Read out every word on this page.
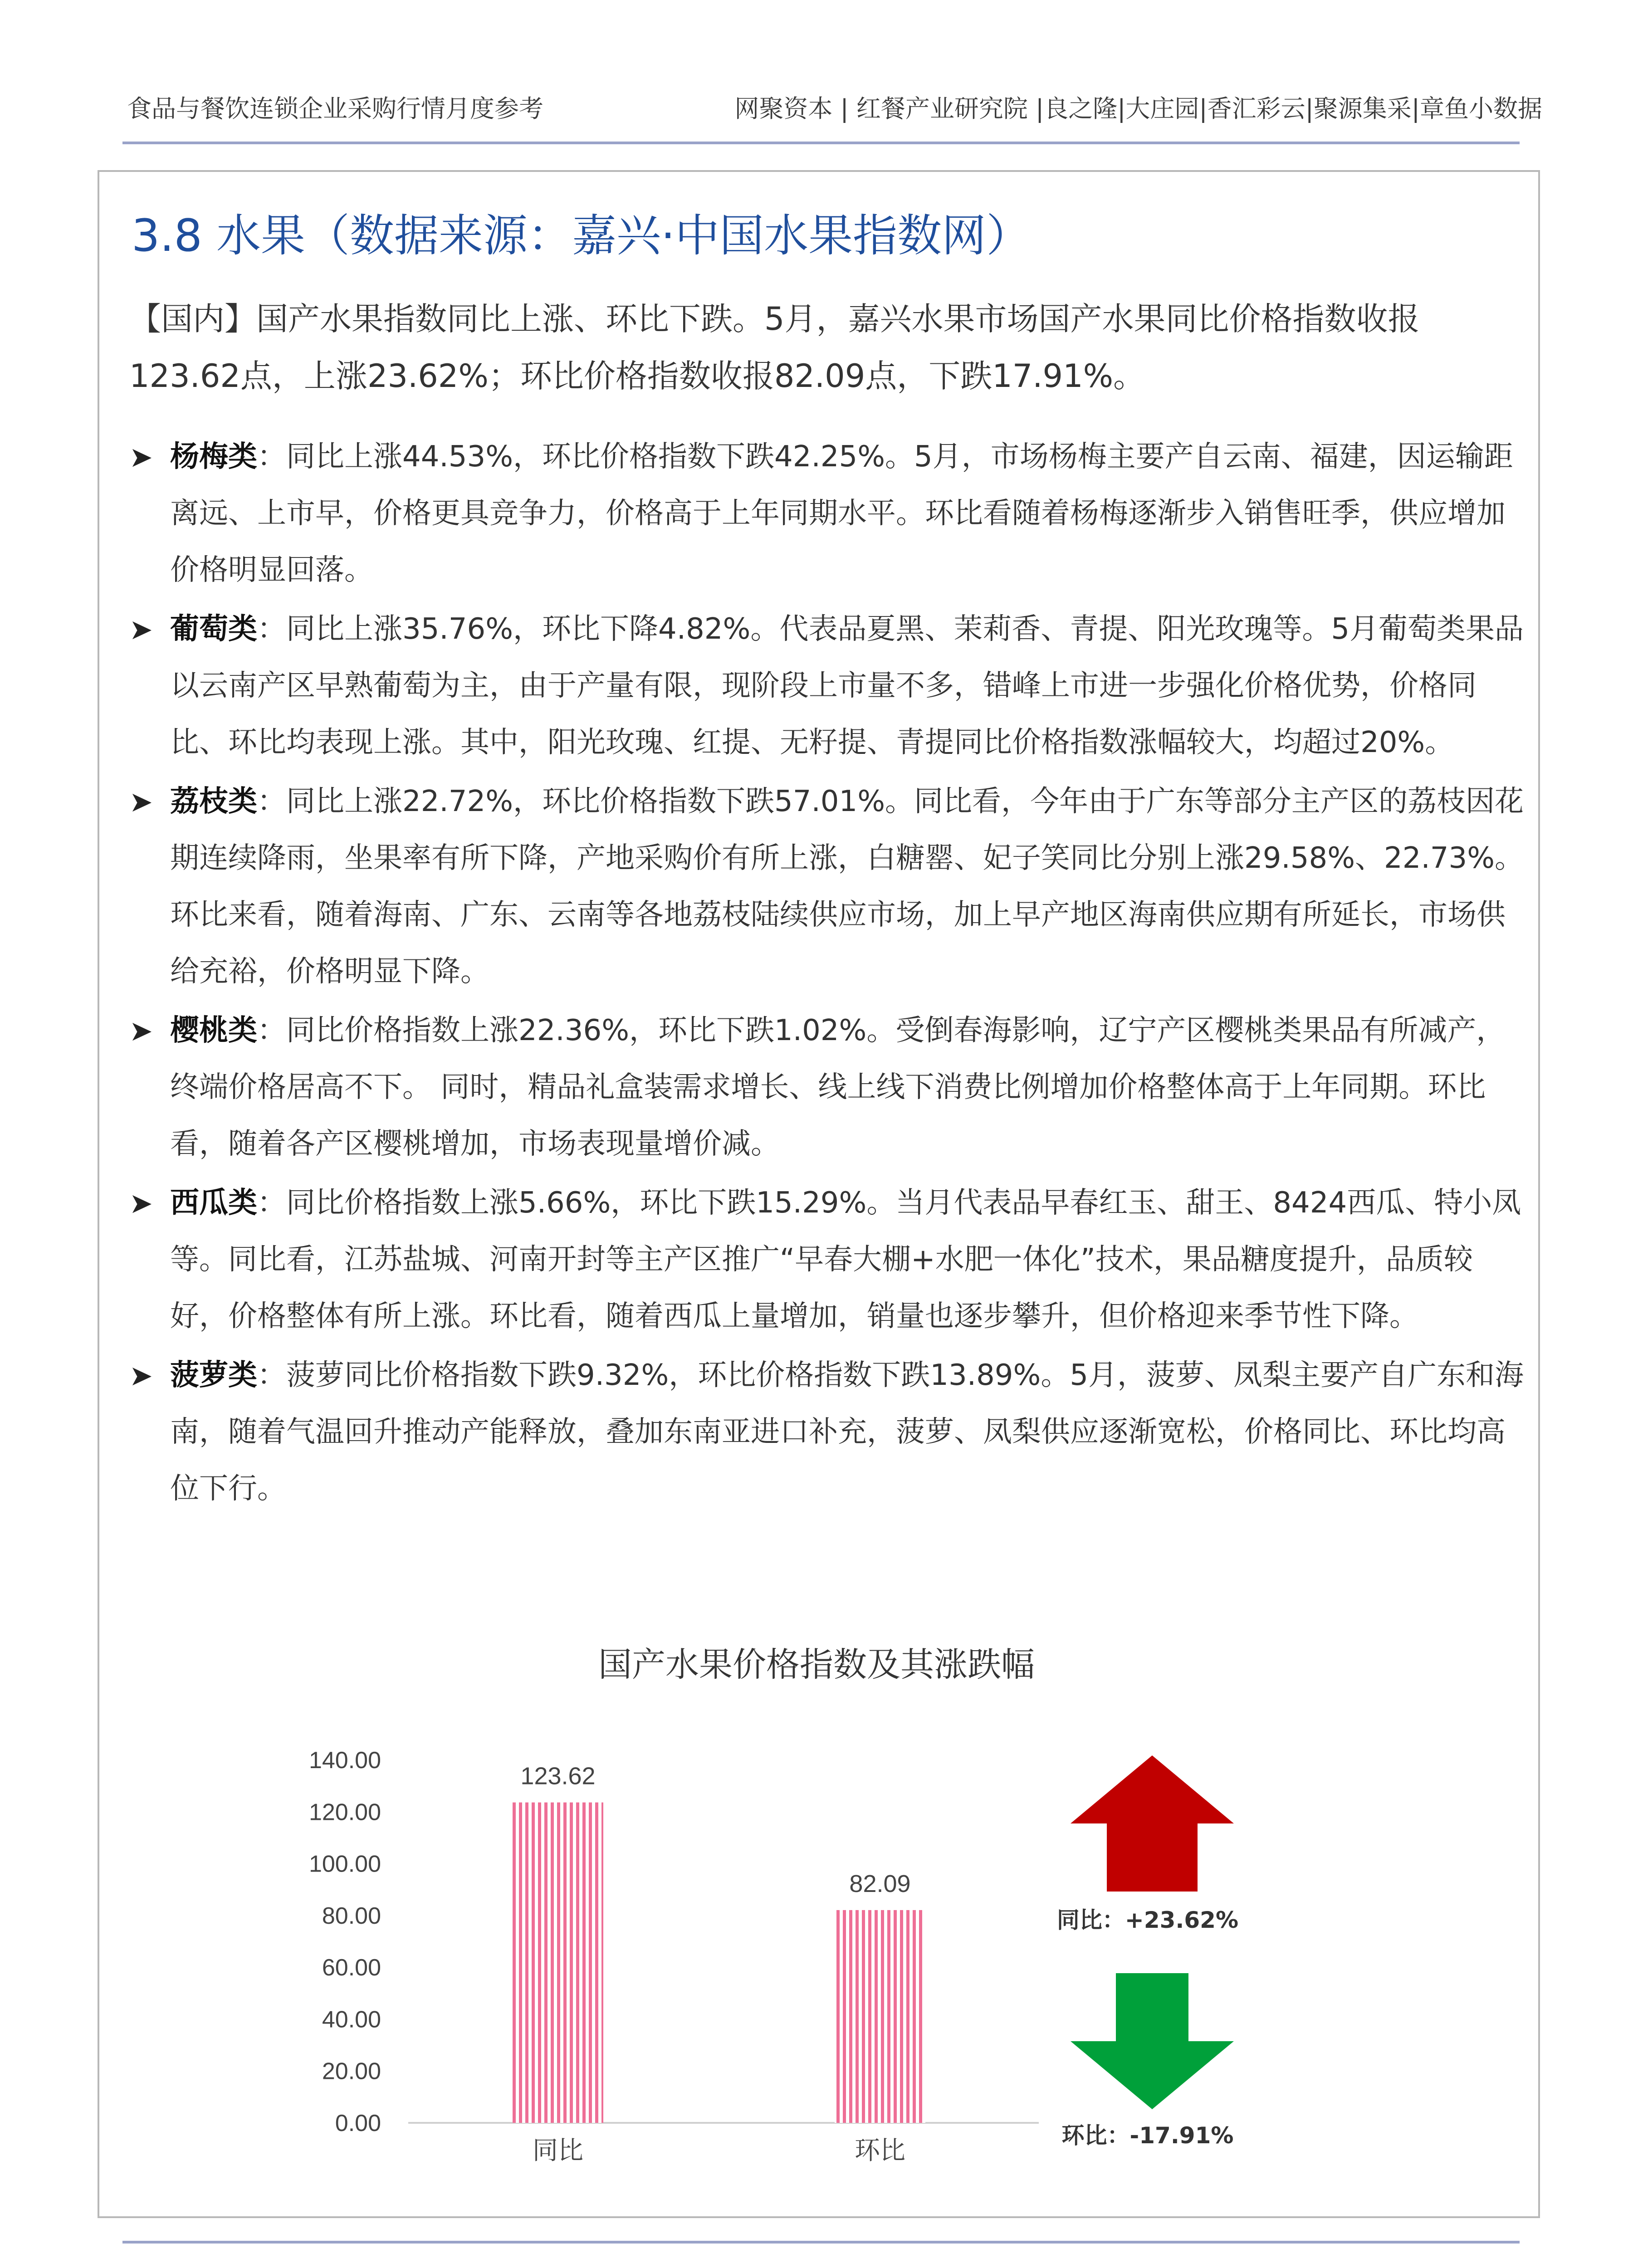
食品与餐饮连锁企业采购行情月度参考	网聚资本 | 红餐产业研究院 |良之隆|大庄园|香汇彩云|聚源集采|章鱼小数据
3.8 水果（数据来源：嘉兴·中国水果指数网）
【国内】国产水果指数同比上涨、环比下跌。5月，嘉兴水果市场国产水果同比价格指数收报123.62点，上涨23.62%；环比价格指数收报82.09点，下跌17.91%。
➤ 杨梅类：同比上涨44.53%，环比价格指数下跌42.25%。5月，市场杨梅主要产自云南、福建，因运输距离远、上市早，价格更具竞争力，价格高于上年同期水平。环比看随着杨梅逐渐步入销售旺季，供应增加价格明显回落。
➤ 葡萄类：同比上涨35.76%，环比下降4.82%。代表品夏黑、茉莉香、青提、阳光玫瑰等。5月葡萄类果品以云南产区早熟葡萄为主，由于产量有限，现阶段上市量不多，错峰上市进一步强化价格优势，价格同比、环比均表现上涨。其中，阳光玫瑰、红提、无籽提、青提同比价格指数涨幅较大，均超过20%。
➤ 荔枝类：同比上涨22.72%，环比价格指数下跌57.01%。同比看，今年由于广东等部分主产区的荔枝因花期连续降雨，坐果率有所下降，产地采购价有所上涨，白糖罂、妃子笑同比分别上涨29.58%、22.73%。环比来看，随着海南、广东、云南等各地荔枝陆续供应市场，加上早产地区海南供应期有所延长，市场供给充裕，价格明显下降。
➤ 樱桃类：同比价格指数上涨22.36%，环比下跌1.02%。受倒春海影响，辽宁产区樱桃类果品有所减产，终端价格居高不下。 同时，精品礼盒装需求增长、线上线下消费比例增加价格整体高于上年同期。环比看，随着各产区樱桃增加，市场表现量增价减。
➤ 西瓜类：同比价格指数上涨5.66%，环比下跌15.29%。当月代表品早春红玉、甜王、8424西瓜、特小凤等。同比看，江苏盐城、河南开封等主产区推广“早春大棚+水肥一体化”技术，果品糖度提升，品质较好，价格整体有所上涨。环比看，随着西瓜上量增加，销量也逐步攀升，但价格迎来季节性下降。
➤ 菠萝类：菠萝同比价格指数下跌9.32%，环比价格指数下跌13.89%。5月，菠萝、凤梨主要产自广东和海南，随着气温回升推动产能释放，叠加东南亚进口补充，菠萝、凤梨供应逐渐宽松，价格同比、环比均高位下行。
国产水果价格指数及其涨跌幅
0.00
20.00
40.00
60.00
80.00
100.00
120.00
140.00
123.62
同比
82.09
环比
同比：+23.62%
环比：-17.91%
